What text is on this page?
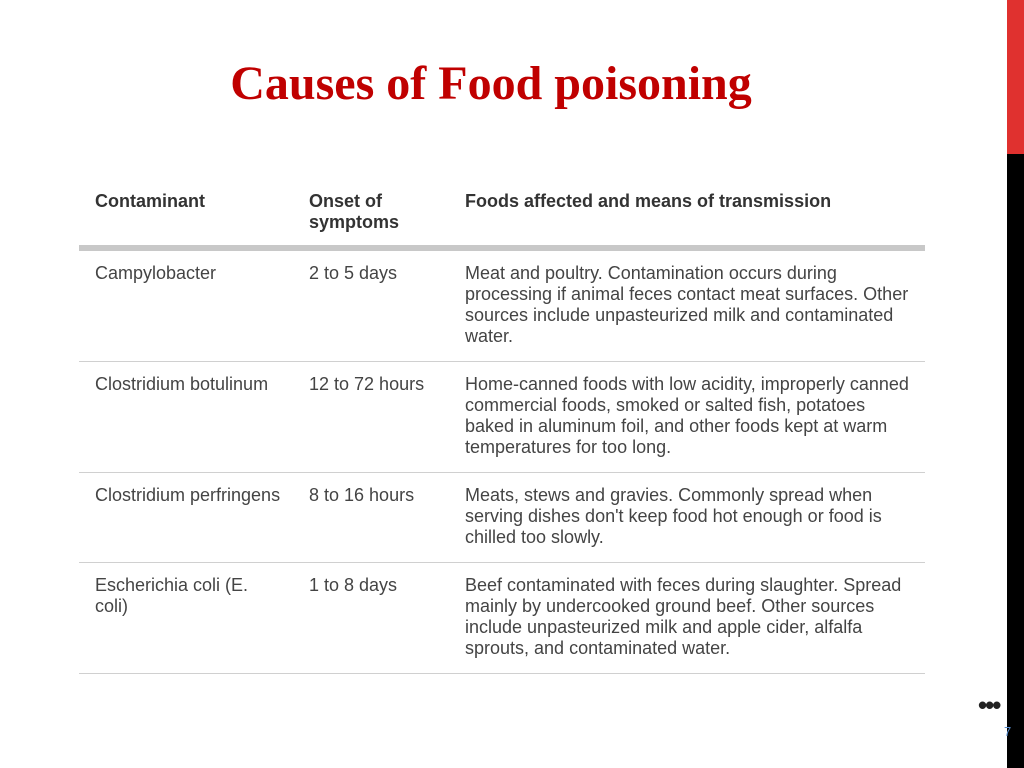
Causes of Food poisoning
Contaminant	Onset of symptoms	Foods affected and means of transmission
Campylobacter	2 to 5 days	Meat and poultry. Contamination occurs during processing if animal feces contact meat surfaces. Other sources include unpasteurized milk and contaminated water.
Clostridium botulinum	12 to 72 hours	Home-canned foods with low acidity, improperly canned commercial foods, smoked or salted fish, potatoes baked in aluminum foil, and other foods kept at warm temperatures for too long.
Clostridium perfringens	8 to 16 hours	Meats, stews and gravies. Commonly spread when serving dishes don't keep food hot enough or food is chilled too slowly.
Escherichia coli (E. coli)	1 to 8 days	Beef contaminated with feces during slaughter. Spread mainly by undercooked ground beef. Other sources include unpasteurized milk and apple cider, alfalfa sprouts, and contaminated water.
•••
7
